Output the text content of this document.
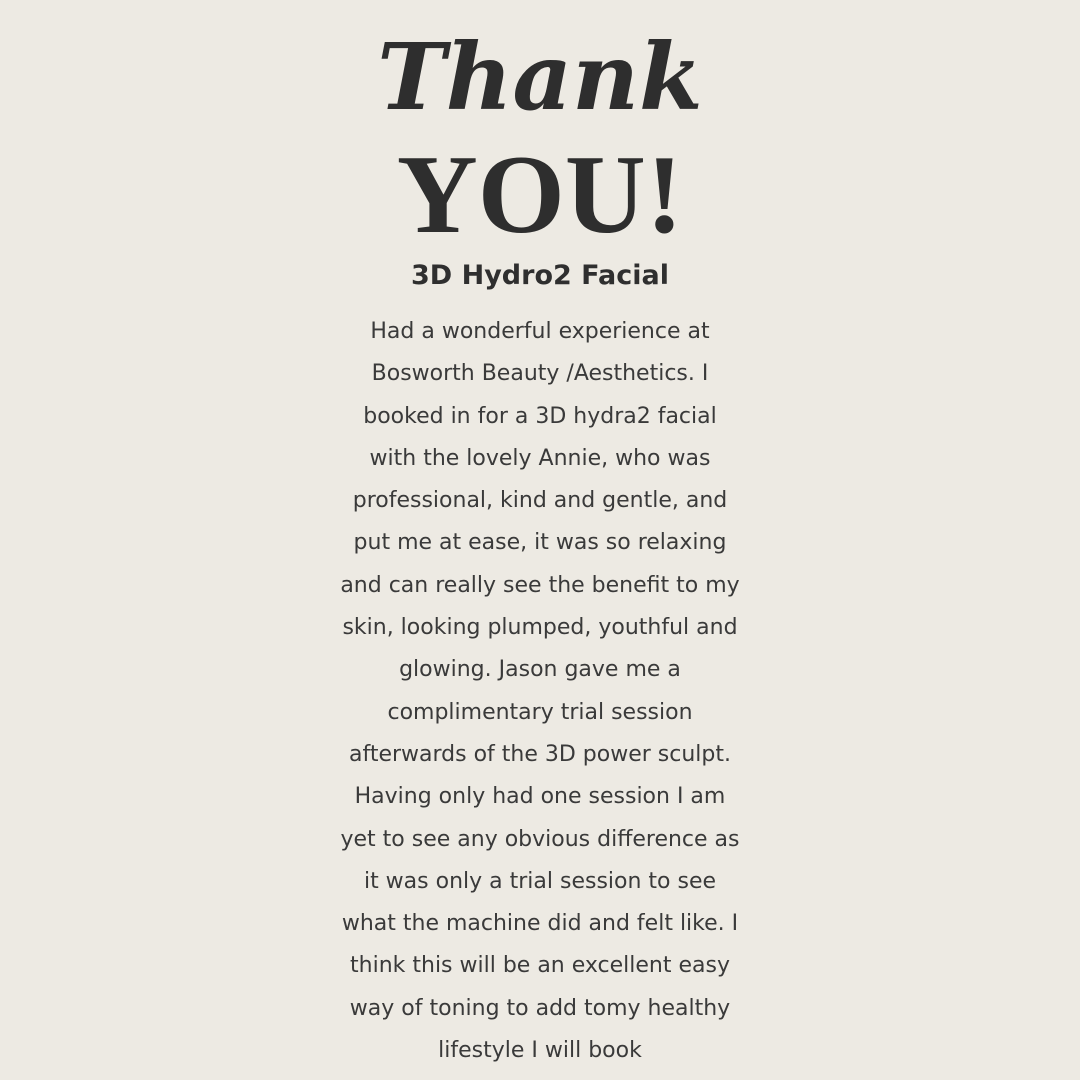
Thank
YOU!
3D Hydro2 Facial

Had a wonderful experience at
Bosworth Beauty /Aesthetics. I
booked in for a 3D hydra2 facial
with the lovely Annie, who was
professional, kind and gentle, and
put me at ease, it was so relaxing
and can really see the benefit to my
skin, looking plumped, youthful and
glowing. Jason gave me a
complimentary trial session
afterwards of the 3D power sculpt.
Having only had one session I am
yet to see any obvious difference as
it was only a trial session to see
what the machine did and felt like. I
think this will be an excellent easy
way of toning to add tomy healthy
lifestyle I will book
